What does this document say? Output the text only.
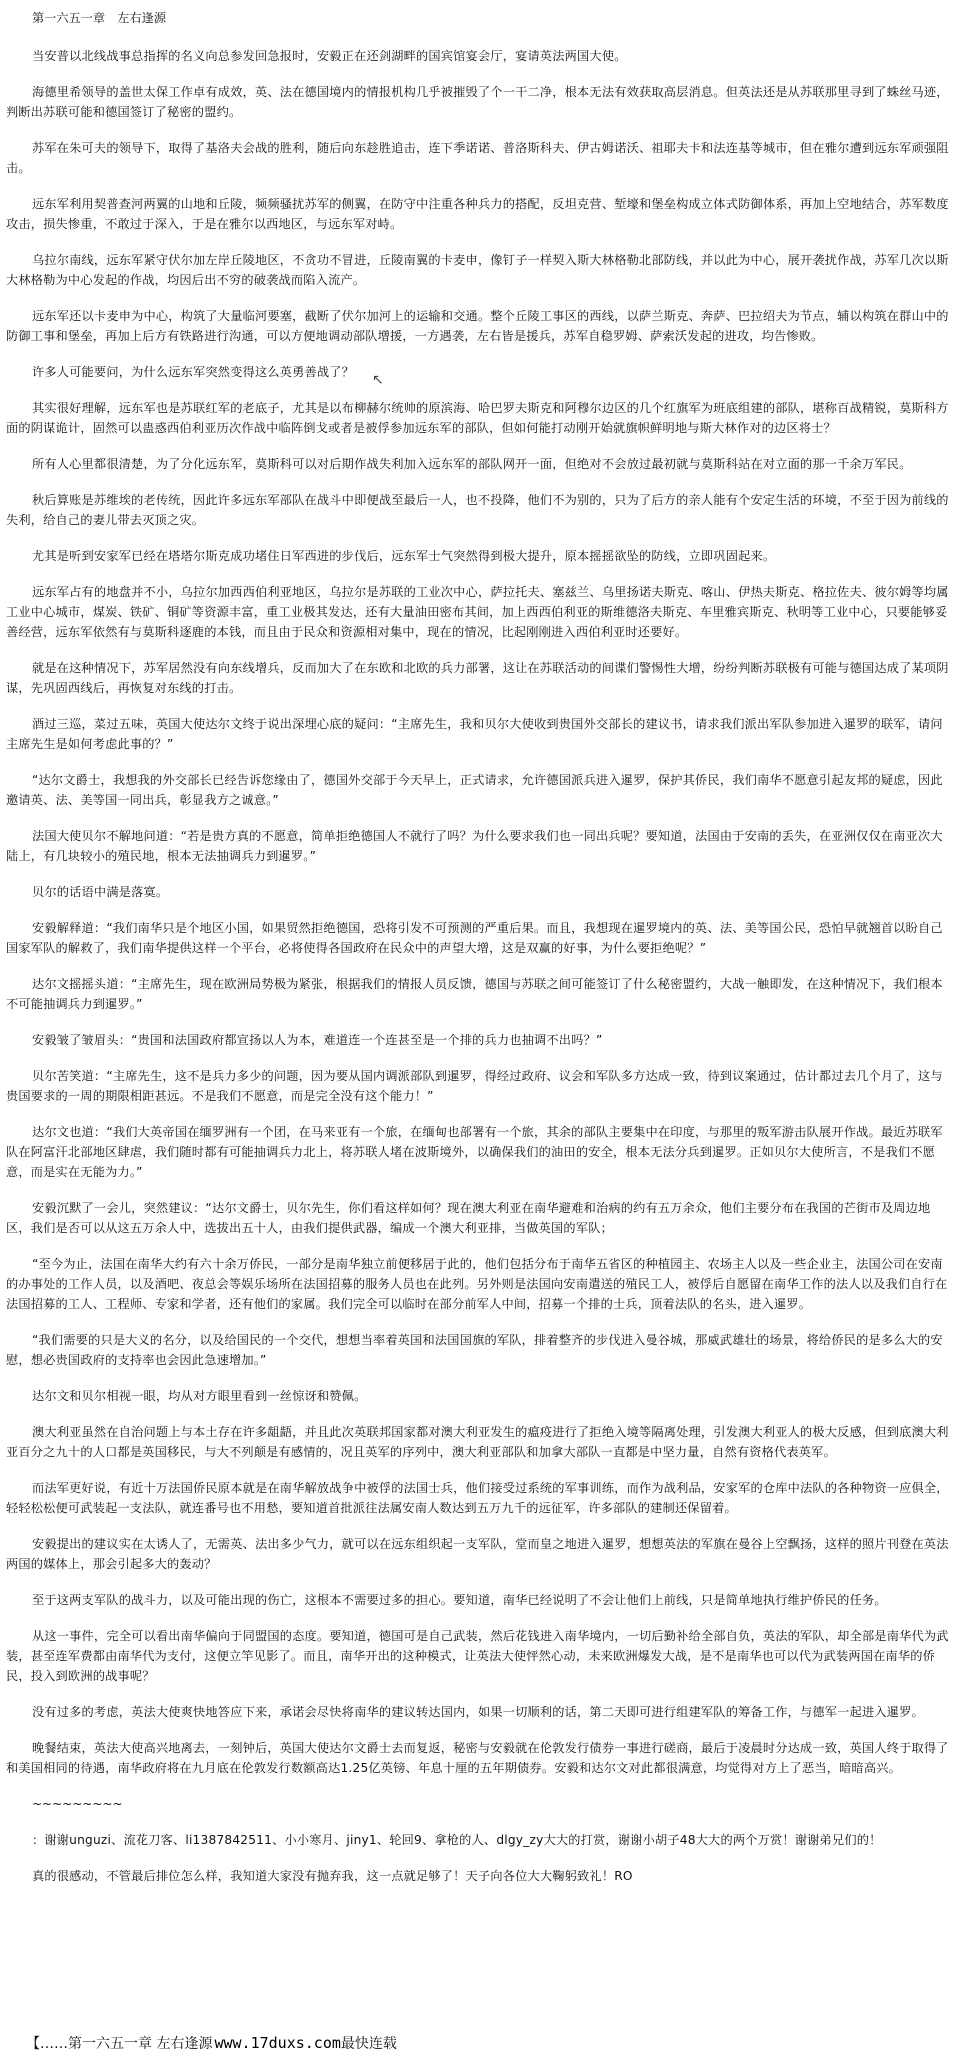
第一六五一章　左右逢源

当安普以北线战事总指挥的名义向总参发回急报时，安毅正在还剑湖畔的国宾馆宴会厅，宴请英法两国大使。

海德里希领导的盖世太保工作卓有成效，英、法在德国境内的情报机构几乎被摧毁了个一干二净，根本无法有效获取高层消息。但英法还是从苏联那里寻到了蛛丝马迹，判断出苏联可能和德国签订了秘密的盟约。

苏军在朱可夫的领导下，取得了基洛夫会战的胜利，随后向东趁胜追击，连下季诺诺、普洛斯科夫、伊古姆诺沃、祖耶夫卡和法连基等城市，但在雅尔遭到远东军顽强阻击。

远东军利用契普查河两翼的山地和丘陵，频频骚扰苏军的侧翼，在防守中注重各种兵力的搭配，反坦克营、堑壕和堡垒构成立体式防御体系，再加上空地结合，苏军数度攻击，损失惨重，不敢过于深入，于是在雅尔以西地区，与远东军对峙。

乌拉尔南线，远东军紧守伏尔加左岸丘陵地区，不贪功不冒进，丘陵南翼的卡麦申，像钉子一样契入斯大林格勒北部防线，并以此为中心，展开袭扰作战，苏军几次以斯大林格勒为中心发起的作战，均因后出不穷的破袭战而陷入流产。

远东军还以卡麦申为中心，构筑了大量临河要塞，截断了伏尔加河上的运输和交通。整个丘陵工事区的西线，以萨兰斯克、奔萨、巴拉绍夫为节点，辅以构筑在群山中的防御工事和堡垒，再加上后方有铁路进行沟通，可以方便地调动部队增援，一方遇袭，左右皆是援兵，苏军自稳罗姆、萨索沃发起的进攻，均告惨败。

许多人可能要问，为什么远东军突然变得这么英勇善战了？

其实很好理解，远东军也是苏联红军的老底子，尤其是以布柳赫尔统帅的原滨海、哈巴罗夫斯克和阿穆尔边区的几个红旗军为班底组建的部队，堪称百战精锐，莫斯科方面的阴谋诡计，固然可以蛊惑西伯利亚历次作战中临阵倒戈或者是被俘参加远东军的部队，但如何能打动刚开始就旗帜鲜明地与斯大林作对的边区将士？

所有人心里都很清楚，为了分化远东军，莫斯科可以对后期作战失利加入远东军的部队网开一面，但绝对不会放过最初就与莫斯科站在对立面的那一千余万军民。

秋后算账是苏维埃的老传统，因此许多远东军部队在战斗中即便战至最后一人，也不投降，他们不为别的，只为了后方的亲人能有个安定生活的环境，不至于因为前线的失利，给自己的妻儿带去灭顶之灾。

尤其是听到安家军已经在塔塔尔斯克成功堵住日军西进的步伐后，远东军士气突然得到极大提升，原本摇摇欲坠的防线，立即巩固起来。

远东军占有的地盘并不小，乌拉尔加西西伯利亚地区，乌拉尔是苏联的工业次中心，萨拉托夫、塞兹兰、乌里扬诺夫斯克、喀山、伊热夫斯克、格拉佐夫、彼尔姆等均属工业中心城市，煤炭、铁矿、铜矿等资源丰富，重工业极其发达，还有大量油田密布其间，加上西西伯利亚的斯维德洛夫斯克、车里雅宾斯克、秋明等工业中心，只要能够妥善经营，远东军依然有与莫斯科逐鹿的本钱，而且由于民众和资源相对集中，现在的情况，比起刚刚进入西伯利亚时还要好。

就是在这种情况下，苏军居然没有向东线增兵，反而加大了在东欧和北欧的兵力部署，这让在苏联活动的间谍们警惕性大增，纷纷判断苏联极有可能与德国达成了某项阴谋，先巩固西线后，再恢复对东线的打击。

酒过三巡，菜过五味，英国大使达尔文终于说出深埋心底的疑问：“主席先生，我和贝尔大使收到贵国外交部长的建议书，请求我们派出军队参加进入暹罗的联军，请问主席先生是如何考虑此事的？”

“达尔文爵士，我想我的外交部长已经告诉您缘由了，德国外交部于今天早上，正式请求，允许德国派兵进入暹罗，保护其侨民，我们南华不愿意引起友邦的疑虑，因此邀请英、法、美等国一同出兵，彰显我方之诚意。”

法国大使贝尔不解地问道：“若是贵方真的不愿意，简单拒绝德国人不就行了吗？为什么要求我们也一同出兵呢？要知道，法国由于安南的丢失，在亚洲仅仅在南亚次大陆上，有几块较小的殖民地，根本无法抽调兵力到暹罗。”

贝尔的话语中满是落寞。

安毅解释道：“我们南华只是个地区小国，如果贸然拒绝德国，恐将引发不可预测的严重后果。而且，我想现在暹罗境内的英、法、美等国公民，恐怕早就翘首以盼自己国家军队的解救了，我们南华提供这样一个平台，必将使得各国政府在民众中的声望大增，这是双赢的好事，为什么要拒绝呢？”

达尔文摇摇头道：“主席先生，现在欧洲局势极为紧张，根据我们的情报人员反馈，德国与苏联之间可能签订了什么秘密盟约，大战一触即发，在这种情况下，我们根本不可能抽调兵力到暹罗。”

安毅皱了皱眉头：“贵国和法国政府都宣扬以人为本，难道连一个连甚至是一个排的兵力也抽调不出吗？”

贝尔苦笑道：“主席先生，这不是兵力多少的问题，因为要从国内调派部队到暹罗，得经过政府、议会和军队多方达成一致，待到议案通过，估计都过去几个月了，这与贵国要求的一周的期限相距甚远。不是我们不愿意，而是完全没有这个能力！”

达尔文也道：“我们大英帝国在缅罗洲有一个团，在马来亚有一个旅，在缅甸也部署有一个旅，其余的部队主要集中在印度，与那里的叛军游击队展开作战。最近苏联军队在阿富汗北部地区肆虐，我们随时都有可能抽调兵力北上，将苏联人堵在波斯境外，以确保我们的油田的安全，根本无法分兵到暹罗。正如贝尔大使所言，不是我们不愿意，而是实在无能为力。”

安毅沉默了一会儿，突然建议：“达尔文爵士，贝尔先生，你们看这样如何？现在澳大利亚在南华避难和治病的约有五万余众，他们主要分布在我国的芒街市及周边地区，我们是否可以从这五万余人中，选拔出五十人，由我们提供武器，编成一个澳大利亚排，当做英国的军队；

“至今为止，法国在南华大约有六十余万侨民，一部分是南华独立前便移居于此的，他们包括分布于南华五省区的种植园主、农场主人以及一些企业主，法国公司在安南的办事处的工作人员，以及酒吧、夜总会等娱乐场所在法国招募的服务人员也在此列。另外则是法国向安南遣送的殖民工人，被俘后自愿留在南华工作的法人以及我们自行在法国招募的工人、工程师、专家和学者，还有他们的家属。我们完全可以临时在部分前军人中间，招募一个排的士兵，顶着法队的名头，进入暹罗。

“我们需要的只是大义的名分，以及给国民的一个交代，想想当率着英国和法国国旗的军队，排着整齐的步伐进入曼谷城，那威武雄壮的场景，将给侨民的是多么大的安慰，想必贵国政府的支持率也会因此急速增加。”

达尔文和贝尔相视一眼，均从对方眼里看到一丝惊讶和赞佩。

澳大利亚虽然在自治问题上与本土存在许多龃龉，并且此次英联邦国家都对澳大利亚发生的瘟疫进行了拒绝入境等隔离处理，引发澳大利亚人的极大反感，但到底澳大利亚百分之九十的人口都是英国移民，与大不列颠是有感情的，况且英军的序列中，澳大利亚部队和加拿大部队一直都是中坚力量，自然有资格代表英军。

而法军更好说，有近十万法国侨民原本就是在南华解放战争中被俘的法国士兵，他们接受过系统的军事训练，而作为战利品，安家军的仓库中法队的各种物资一应俱全，轻轻松松便可武装起一支法队，就连番号也不用愁，要知道首批派往法属安南人数达到五万九千的远征军，许多部队的建制还保留着。

安毅提出的建议实在太诱人了，无需英、法出多少气力，就可以在远东组织起一支军队，堂而皇之地进入暹罗，想想英法的军旗在曼谷上空飘扬，这样的照片刊登在英法两国的媒体上，那会引起多大的轰动？

至于这两支军队的战斗力，以及可能出现的伤亡，这根本不需要过多的担心。要知道，南华已经说明了不会让他们上前线，只是简单地执行维护侨民的任务。

从这一事件，完全可以看出南华偏向于同盟国的态度。要知道，德国可是自己武装，然后花钱进入南华境内，一切后勤补给全部自负，英法的军队，却全部是南华代为武装，甚至连军费都由南华代为支付，这便立竿见影了。而且，南华开出的这种模式，让英法大使怦然心动，未来欧洲爆发大战，是不是南华也可以代为武装两国在南华的侨民，投入到欧洲的战事呢？

没有过多的考虑，英法大使爽快地答应下来，承诺会尽快将南华的建议转达国内，如果一切顺利的话，第二天即可进行组建军队的筹备工作，与德军一起进入暹罗。

晚餐结束，英法大使高兴地离去，一刻钟后，英国大使达尔文爵士去而复返，秘密与安毅就在伦敦发行债券一事进行磋商，最后于凌晨时分达成一致，英国人终于取得了和美国相同的待遇，南华政府将在九月底在伦敦发行数额高达1.25亿英镑、年息十厘的五年期债券。安毅和达尔文对此都很满意，均觉得对方上了恶当，暗暗高兴。

~~~~~~~~~

：谢谢unguzi、流花刀客、li1387842511、小小寒月、jiny1、轮回9、拿枪的人、dlgy_zy大大的打赏，谢谢小胡子48大大的两个万赏！谢谢弟兄们的！

真的很感动，不管最后排位怎么样，我知道大家没有抛弃我，这一点就足够了！天子向各位大大鞠躬致礼！RO

↖
【……第一六五一章 左右逢源 www.17duxs.com 最快连载
